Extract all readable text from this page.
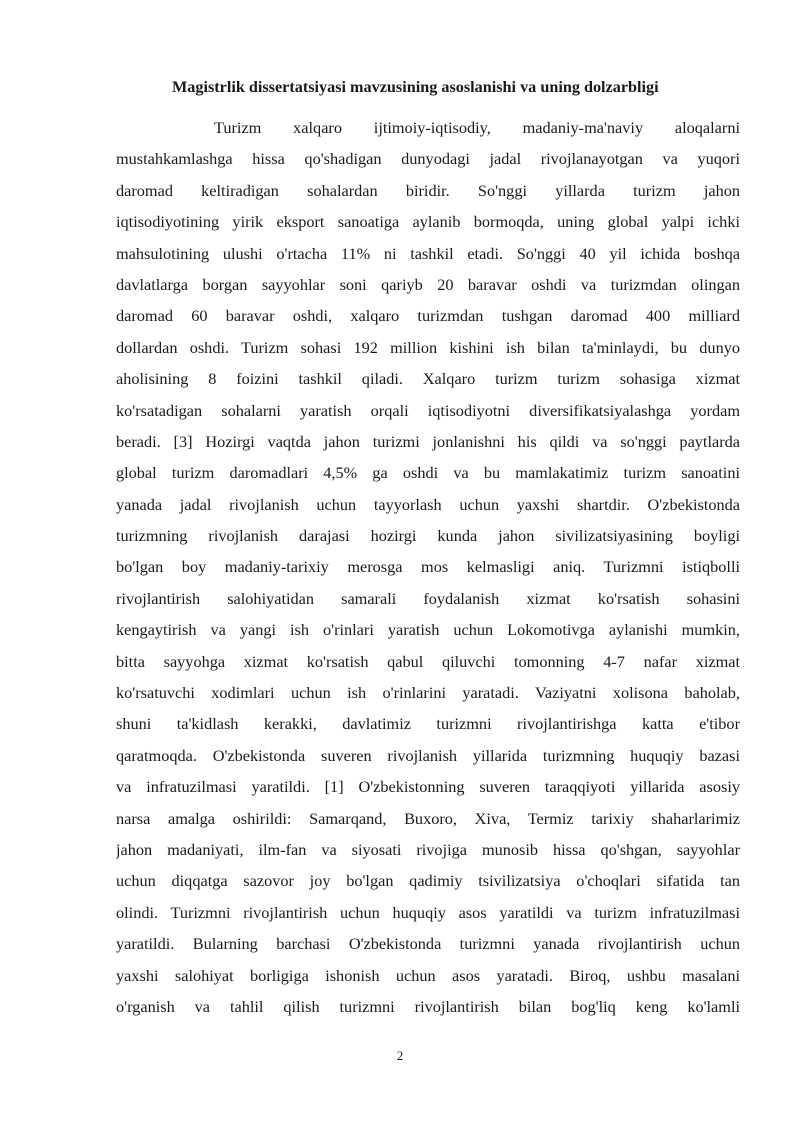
Magistrlik dissertatsiyasi mavzusining asoslanishi va uning dolzarbligi
Turizm xalqaro ijtimoiy-iqtisodiy, madaniy-ma'naviy aloqalarni
mustahkamlashga hissa qo'shadigan dunyodagi jadal rivojlanayotgan va yuqori
daromad keltiradigan sohalardan biridir. So'nggi yillarda turizm jahon
iqtisodiyotining yirik eksport sanoatiga aylanib bormoqda, uning global yalpi ichki
mahsulotining ulushi o'rtacha 11% ni tashkil etadi. So'nggi 40 yil ichida boshqa
davlatlarga borgan sayyohlar soni qariyb 20 baravar oshdi va turizmdan olingan
daromad 60 baravar oshdi, xalqaro turizmdan tushgan daromad 400 milliard
dollardan oshdi. Turizm sohasi 192 million kishini ish bilan ta'minlaydi, bu dunyo
aholisining 8 foizini tashkil qiladi. Xalqaro turizm turizm sohasiga xizmat
ko'rsatadigan sohalarni yaratish orqali iqtisodiyotni diversifikatsiyalashga yordam
beradi. [3] Hozirgi vaqtda jahon turizmi jonlanishni his qildi va so'nggi paytlarda
global turizm daromadlari 4,5% ga oshdi va bu mamlakatimiz turizm sanoatini
yanada jadal rivojlanish uchun tayyorlash uchun yaxshi shartdir. O'zbekistonda
turizmning rivojlanish darajasi hozirgi kunda jahon sivilizatsiyasining boyligi
bo'lgan boy madaniy-tarixiy merosga mos kelmasligi aniq. Turizmni istiqbolli
rivojlantirish salohiyatidan samarali foydalanish xizmat ko'rsatish sohasini
kengaytirish va yangi ish o'rinlari yaratish uchun Lokomotivga aylanishi mumkin,
bitta sayyohga xizmat ko'rsatish qabul qiluvchi tomonning 4-7 nafar xizmat
ko'rsatuvchi xodimlari uchun ish o'rinlarini yaratadi. Vaziyatni xolisona baholab,
shuni ta'kidlash kerakki, davlatimiz turizmni rivojlantirishga katta e'tibor
qaratmoqda. O'zbekistonda suveren rivojlanish yillarida turizmning huquqiy bazasi
va infratuzilmasi yaratildi. [1] O'zbekistonning suveren taraqqiyoti yillarida asosiy
narsa amalga oshirildi: Samarqand, Buxoro, Xiva, Termiz tarixiy shaharlarimiz
jahon madaniyati, ilm-fan va siyosati rivojiga munosib hissa qo'shgan, sayyohlar
uchun diqqatga sazovor joy bo'lgan qadimiy tsivilizatsiya o'choqlari sifatida tan
olindi. Turizmni rivojlantirish uchun huquqiy asos yaratildi va turizm infratuzilmasi
yaratildi. Bularning barchasi O'zbekistonda turizmni yanada rivojlantirish uchun
yaxshi salohiyat borligiga ishonish uchun asos yaratadi. Biroq, ushbu masalani
o'rganish va tahlil qilish turizmni rivojlantirish bilan bog'liq keng ko'lamli
2
